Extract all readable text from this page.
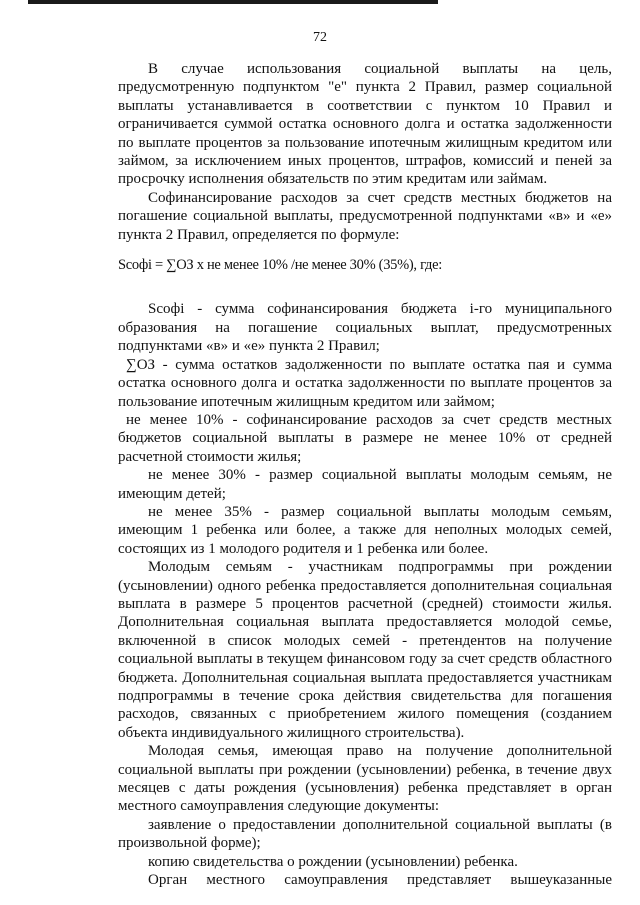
72

В случае использования социальной выплаты на цель, предусмотренную подпунктом "е" пункта 2 Правил, размер социальной выплаты устанавливается в соответствии с пунктом 10 Правил и ограничивается суммой остатка основного долга и остатка задолженности по выплате процентов за пользование ипотечным жилищным кредитом или займом, за исключением иных процентов, штрафов, комиссий и пеней за просрочку исполнения обязательств по этим кредитам или займам.

Софинансирование расходов за счет средств местных бюджетов на погашение социальной выплаты, предусмотренной подпунктами «в» и «е» пункта 2 Правил, определяется по формуле:

Scoфi = ∑ОЗ х не менее 10% /не менее 30% (35%), где:

Scoфi - сумма софинансирования бюджета i-го муниципального образования на погашение социальных выплат, предусмотренных подпунктами «в» и «е» пункта 2 Правил;

∑ОЗ - сумма остатков задолженности по выплате остатка пая и сумма остатка основного долга и остатка задолженности по выплате процентов за пользование ипотечным жилищным кредитом или займом;

не менее 10% - софинансирование расходов за счет средств местных бюджетов социальной выплаты в размере не менее 10% от средней расчетной стоимости жилья;

не менее 30% - размер социальной выплаты молодым семьям, не имеющим детей;

не менее 35% - размер социальной выплаты молодым семьям, имеющим 1 ребенка или более, а также для неполных молодых семей, состоящих из 1 молодого родителя и 1 ребенка или более.

Молодым семьям - участникам подпрограммы при рождении (усыновлении) одного ребенка предоставляется дополнительная социальная выплата в размере 5 процентов расчетной (средней) стоимости жилья. Дополнительная социальная выплата предоставляется молодой семье, включенной в список молодых семей - претендентов на получение социальной выплаты в текущем финансовом году за счет средств областного бюджета. Дополнительная социальная выплата предоставляется участникам подпрограммы в течение срока действия свидетельства для погашения расходов, связанных с приобретением жилого помещения (созданием объекта индивидуального жилищного строительства).

Молодая семья, имеющая право на получение дополнительной социальной выплаты при рождении (усыновлении) ребенка, в течение двух месяцев с даты рождения (усыновления) ребенка представляет в орган местного самоуправления следующие документы:

заявление о предоставлении дополнительной социальной выплаты (в произвольной форме);

копию свидетельства о рождении (усыновлении) ребенка.

Орган местного самоуправления представляет вышеуказанные
